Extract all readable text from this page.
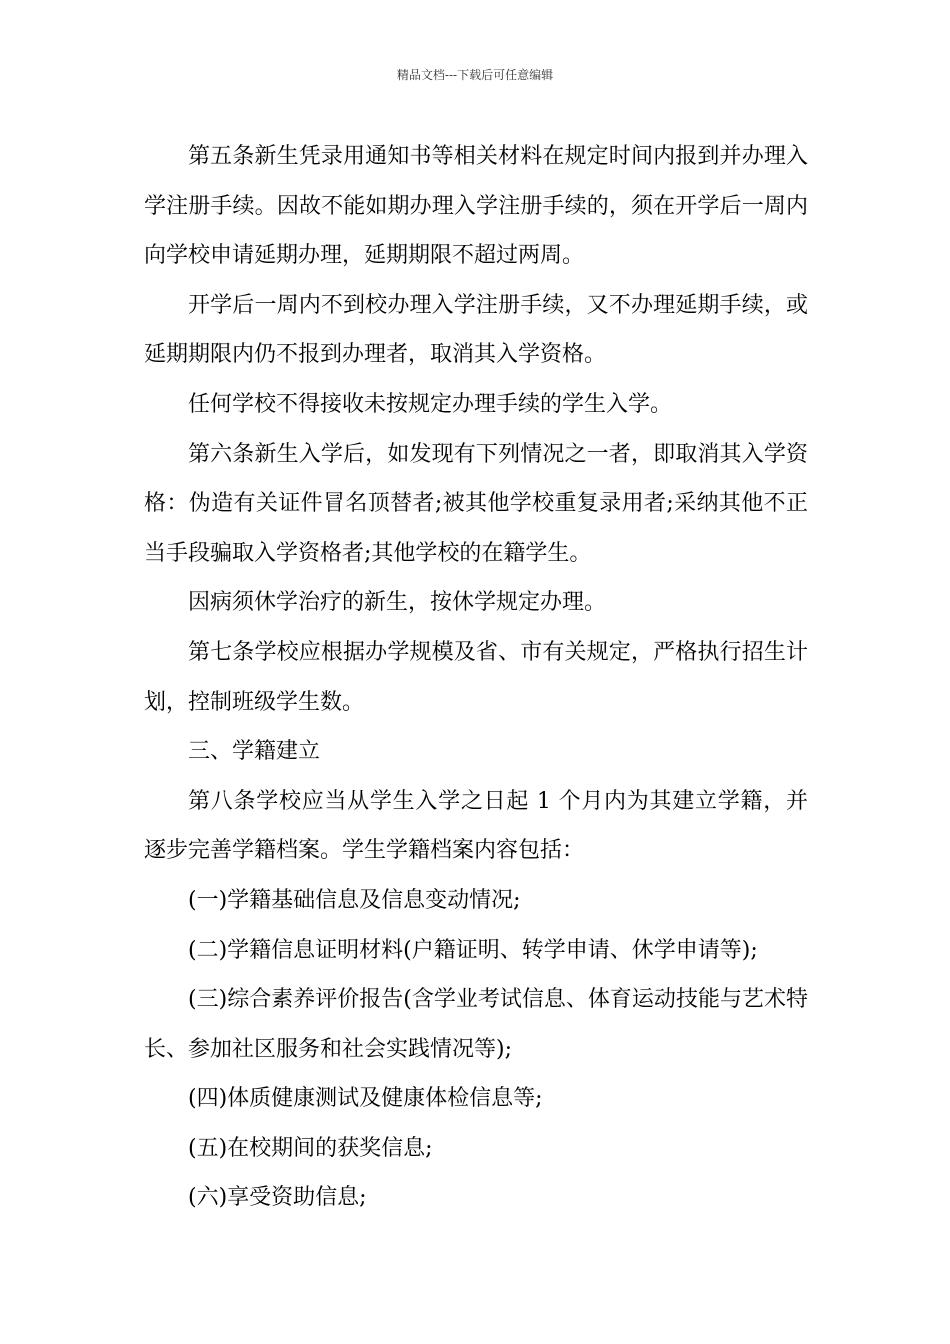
精品文档---下载后可任意编辑

第五条新生凭录用通知书等相关材料在规定时间内报到并办理入学注册手续。因故不能如期办理入学注册手续的，须在开学后一周内向学校申请延期办理，延期期限不超过两周。

开学后一周内不到校办理入学注册手续，又不办理延期手续，或延期期限内仍不报到办理者，取消其入学资格。

任何学校不得接收未按规定办理手续的学生入学。

第六条新生入学后，如发现有下列情况之一者，即取消其入学资格：伪造有关证件冒名顶替者;被其他学校重复录用者;采纳其他不正当手段骗取入学资格者;其他学校的在籍学生。

因病须休学治疗的新生，按休学规定办理。

第七条学校应根据办学规模及省、市有关规定，严格执行招生计划，控制班级学生数。

三、学籍建立

第八条学校应当从学生入学之日起 1 个月内为其建立学籍，并逐步完善学籍档案。学生学籍档案内容包括：

(一)学籍基础信息及信息变动情况;

(二)学籍信息证明材料(户籍证明、转学申请、休学申请等);

(三)综合素养评价报告(含学业考试信息、体育运动技能与艺术特长、参加社区服务和社会实践情况等);

(四)体质健康测试及健康体检信息等;

(五)在校期间的获奖信息;

(六)享受资助信息;
